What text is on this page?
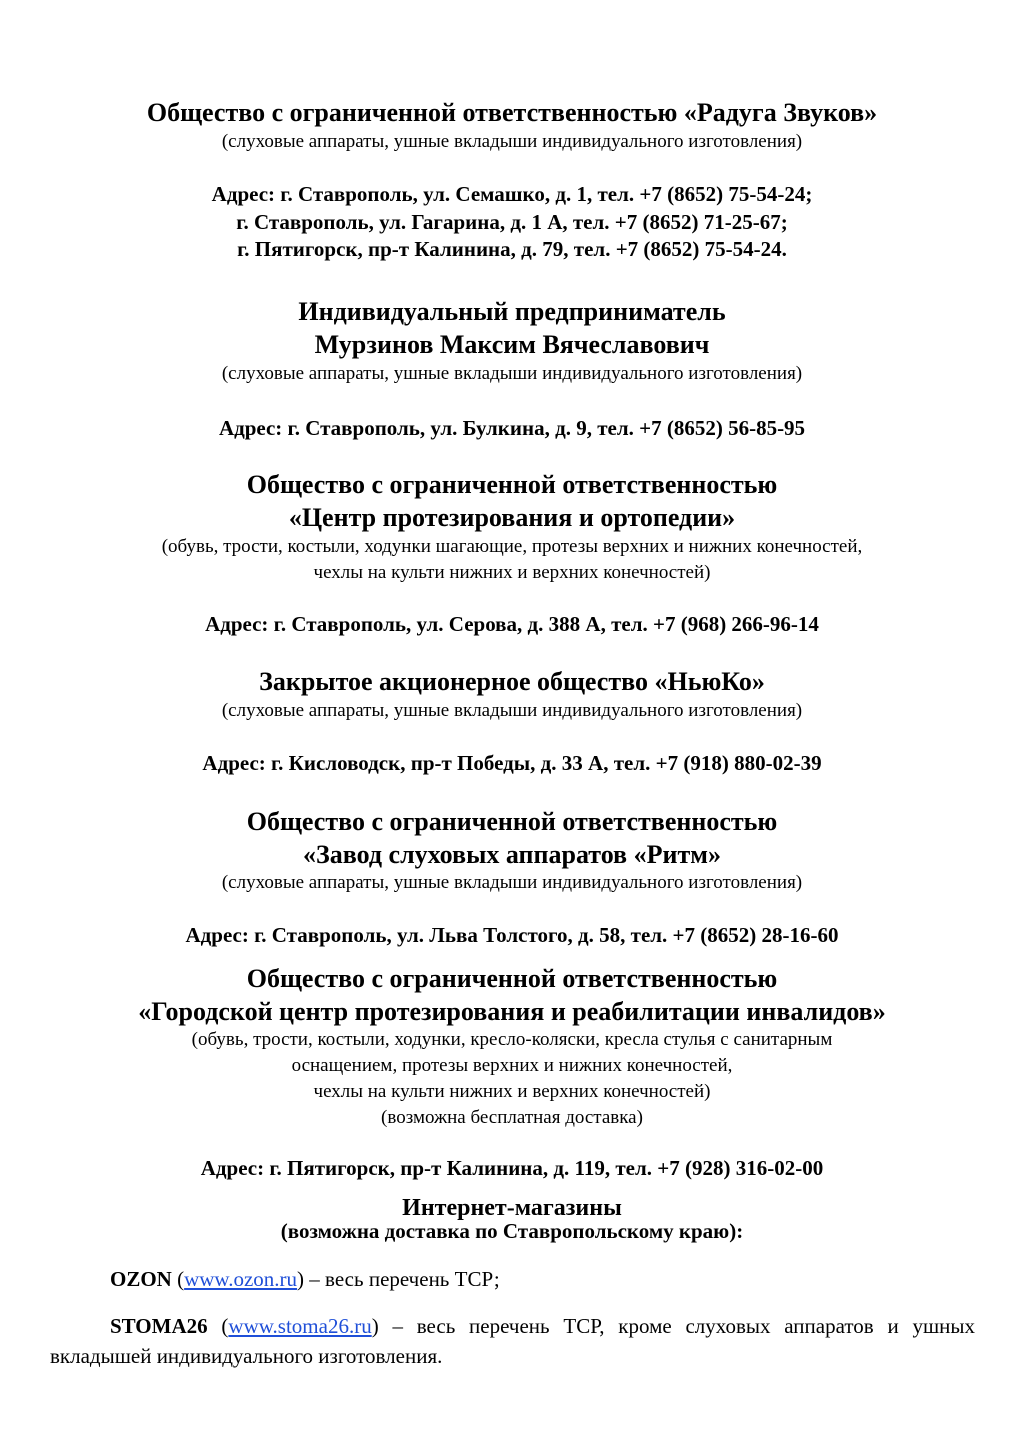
Общество с ограниченной ответственностью «Радуга Звуков»
(слуховые аппараты, ушные вкладыши индивидуального изготовления)
Адрес: г. Ставрополь, ул. Семашко, д. 1, тел. +7 (8652) 75-54-24;
г. Ставрополь, ул. Гагарина, д. 1 А, тел. +7 (8652) 71-25-67;
г. Пятигорск, пр-т Калинина, д. 79, тел. +7 (8652) 75-54-24.
Индивидуальный предприниматель
Мурзинов Максим Вячеславович
(слуховые аппараты, ушные вкладыши индивидуального изготовления)
Адрес: г. Ставрополь, ул. Булкина, д. 9, тел. +7 (8652) 56-85-95
Общество с ограниченной ответственностью
«Центр протезирования и ортопедии»
(обувь, трости, костыли, ходунки шагающие, протезы верхних и нижних конечностей,
чехлы на культи нижних и верхних конечностей)
Адрес: г. Ставрополь, ул. Серова, д. 388 А, тел. +7 (968) 266-96-14
Закрытое акционерное общество «НьюКо»
(слуховые аппараты, ушные вкладыши индивидуального изготовления)
Адрес: г. Кисловодск, пр-т Победы, д. 33 А, тел. +7 (918) 880-02-39
Общество с ограниченной ответственностью
«Завод слуховых аппаратов «Ритм»
(слуховые аппараты, ушные вкладыши индивидуального изготовления)
Адрес: г. Ставрополь, ул. Льва Толстого, д. 58, тел. +7 (8652) 28-16-60
Общество с ограниченной ответственностью
«Городской центр протезирования и реабилитации инвалидов»
(обувь, трости, костыли, ходунки, кресло-коляски, кресла стулья с санитарным
оснащением, протезы верхних и нижних конечностей,
чехлы на культи нижних и верхних конечностей)
(возможна бесплатная доставка)
Адрес: г. Пятигорск, пр-т Калинина, д. 119, тел. +7 (928) 316-02-00
Интернет-магазины
(возможна доставка по Ставропольскому краю):
OZON (www.ozon.ru) – весь перечень ТСР;
STOMA26 (www.stoma26.ru) – весь перечень ТСР, кроме слуховых аппаратов и ушных вкладышей индивидуального изготовления.
